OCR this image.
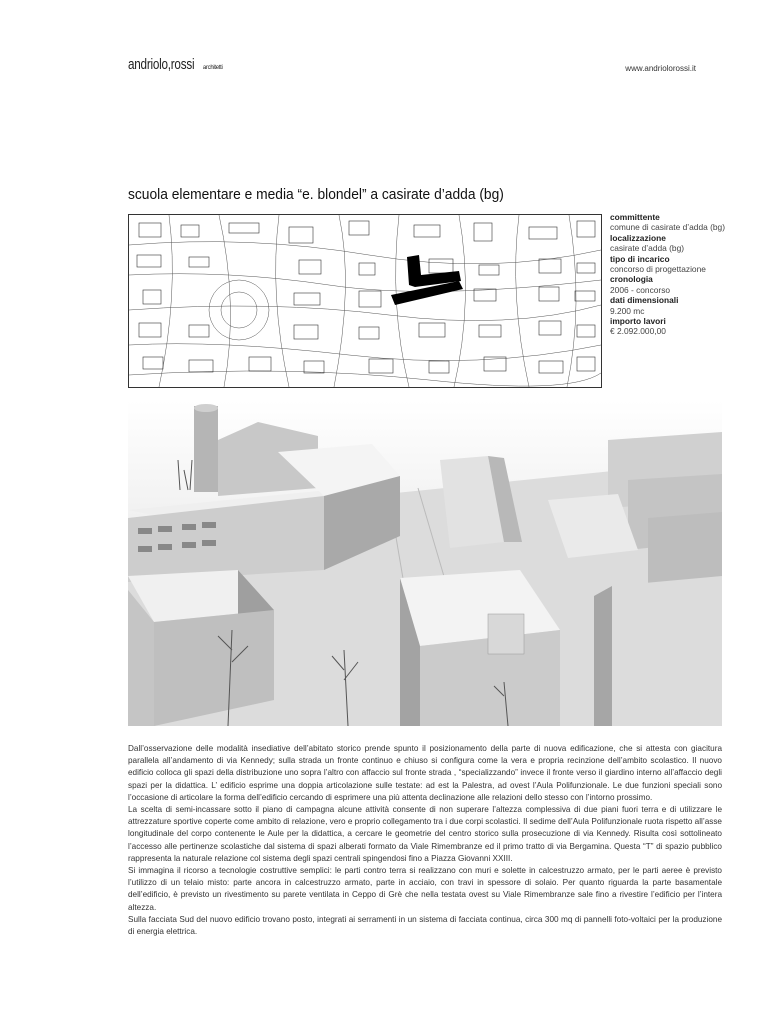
andriolo,rossi architetti	www.andriolorossi.it
scuola elementare e media “e. blondel” a casirate d’adda (bg)
committente
comune di casirate d’adda (bg)
localizzazione
casirate d’adda (bg)
tipo di incarico
concorso di progettazione
cronologia
2006 - concorso
dati dimensionali
9.200 mc
importo lavori
€ 2.092.000,00

Dall’osservazione delle modalità insediative dell’abitato storico prende spunto il posizionamento della parte di nuova edificazione, che si attesta con giacitura parallela all’andamento di via Kennedy; sulla strada un fronte continuo e chiuso si configura come la vera e propria recinzione dell’ambito scolastico. Il nuovo edificio colloca gli spazi della distribuzione uno sopra l’altro con affaccio sul fronte strada , “specializzando” invece il fronte verso il giardino interno all’affaccio degli spazi per la didattica. L’ edificio esprime una doppia articolazione sulle testate: ad est la Palestra, ad ovest l’Aula Polifunzionale. Le due funzioni speciali sono l’occasione di articolare la forma dell’edificio cercando di esprimere una più attenta declinazione alle relazioni dello stesso con l’intorno prossimo.

La scelta di semi-incassare sotto il piano di campagna alcune attività consente di non superare l’altezza complessiva di due piani fuori terra e di utilizzare le attrezzature sportive coperte come ambito di relazione, vero e proprio collegamento tra i due corpi scolastici. Il sedime dell’Aula Polifunzionale ruota rispetto all’asse longitudinale del corpo contenente le Aule per la didattica, a cercare le geometrie del centro storico sulla prosecuzione di via Kennedy. Risulta così sottolineato l’accesso alle pertinenze scolastiche dal sistema di spazi alberati formato da Viale Rimembranze ed il primo tratto di via Bergamina. Questa “T” di spazio pubblico rappresenta la naturale relazione col sistema degli spazi centrali spingendosi fino a Piazza Giovanni XXIII.

Si immagina il ricorso a tecnologie costruttive semplici: le parti contro terra si realizzano con muri e solette in calcestruzzo armato, per le parti aeree è previsto l’utilizzo di un telaio misto: parte ancora in calcestruzzo armato, parte in acciaio, con travi in spessore di solaio. Per quanto riguarda la parte basamentale dell’edificio, è previsto un rivestimento su parete ventilata in Ceppo di Grè che nella testata ovest su Viale Rimembranze sale fino a rivestire l’edificio per l’intera altezza.

Sulla facciata Sud del nuovo edificio trovano posto, integrati ai serramenti in un sistema di facciata continua, circa 300 mq di pannelli foto-voltaici per la produzione di energia elettrica.
